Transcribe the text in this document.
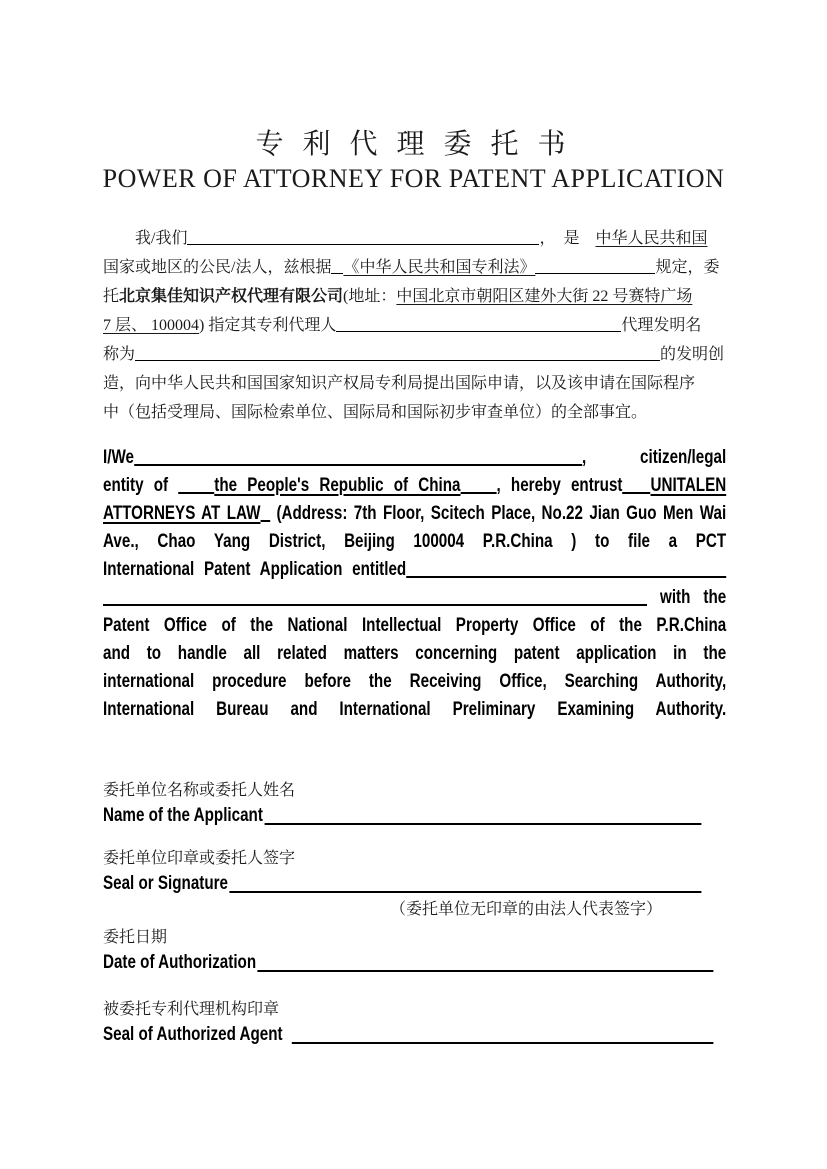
专 利 代 理 委 托 书
POWER OF ATTORNEY FOR PATENT APPLICATION
我/我们	，　是　中华人民共和国
国家或地区的公民/法人，兹根据 《中华人民共和国专利法》	规定，委
托北京集佳知识产权代理有限公司(地址：中国北京市朝阳区建外大街 22 号赛特广场
7 层、 100004) 指定其专利代理人	代理发明名
称为	的发明创
造，向中华人民共和国国家知识产权局专利局提出国际申请，以及该申请在国际程序
中（包括受理局、国际检索单位、国际局和国际初步审查单位）的全部事宜。
I/We	, citizen/legal
entity of the People's Republic of China , hereby entrust UNITALEN
ATTORNEYS AT LAW (Address: 7th Floor, Scitech Place, No.22 Jian Guo Men Wai
Ave., Chao Yang District, Beijing 100004 P.R.China ) to file a PCT
International Patent Application entitled
with the
Patent Office of the National Intellectual Property Office of the P.R.China
and to handle all related matters concerning patent application in the
international procedure before the Receiving Office, Searching Authority,
International Bureau and International Preliminary Examining Authority.
委托单位名称或委托人姓名
Name of the Applicant
委托单位印章或委托人签字
Seal or Signature
（委托单位无印章的由法人代表签字）
委托日期
Date of Authorization
被委托专利代理机构印章
Seal of Authorized Agent
